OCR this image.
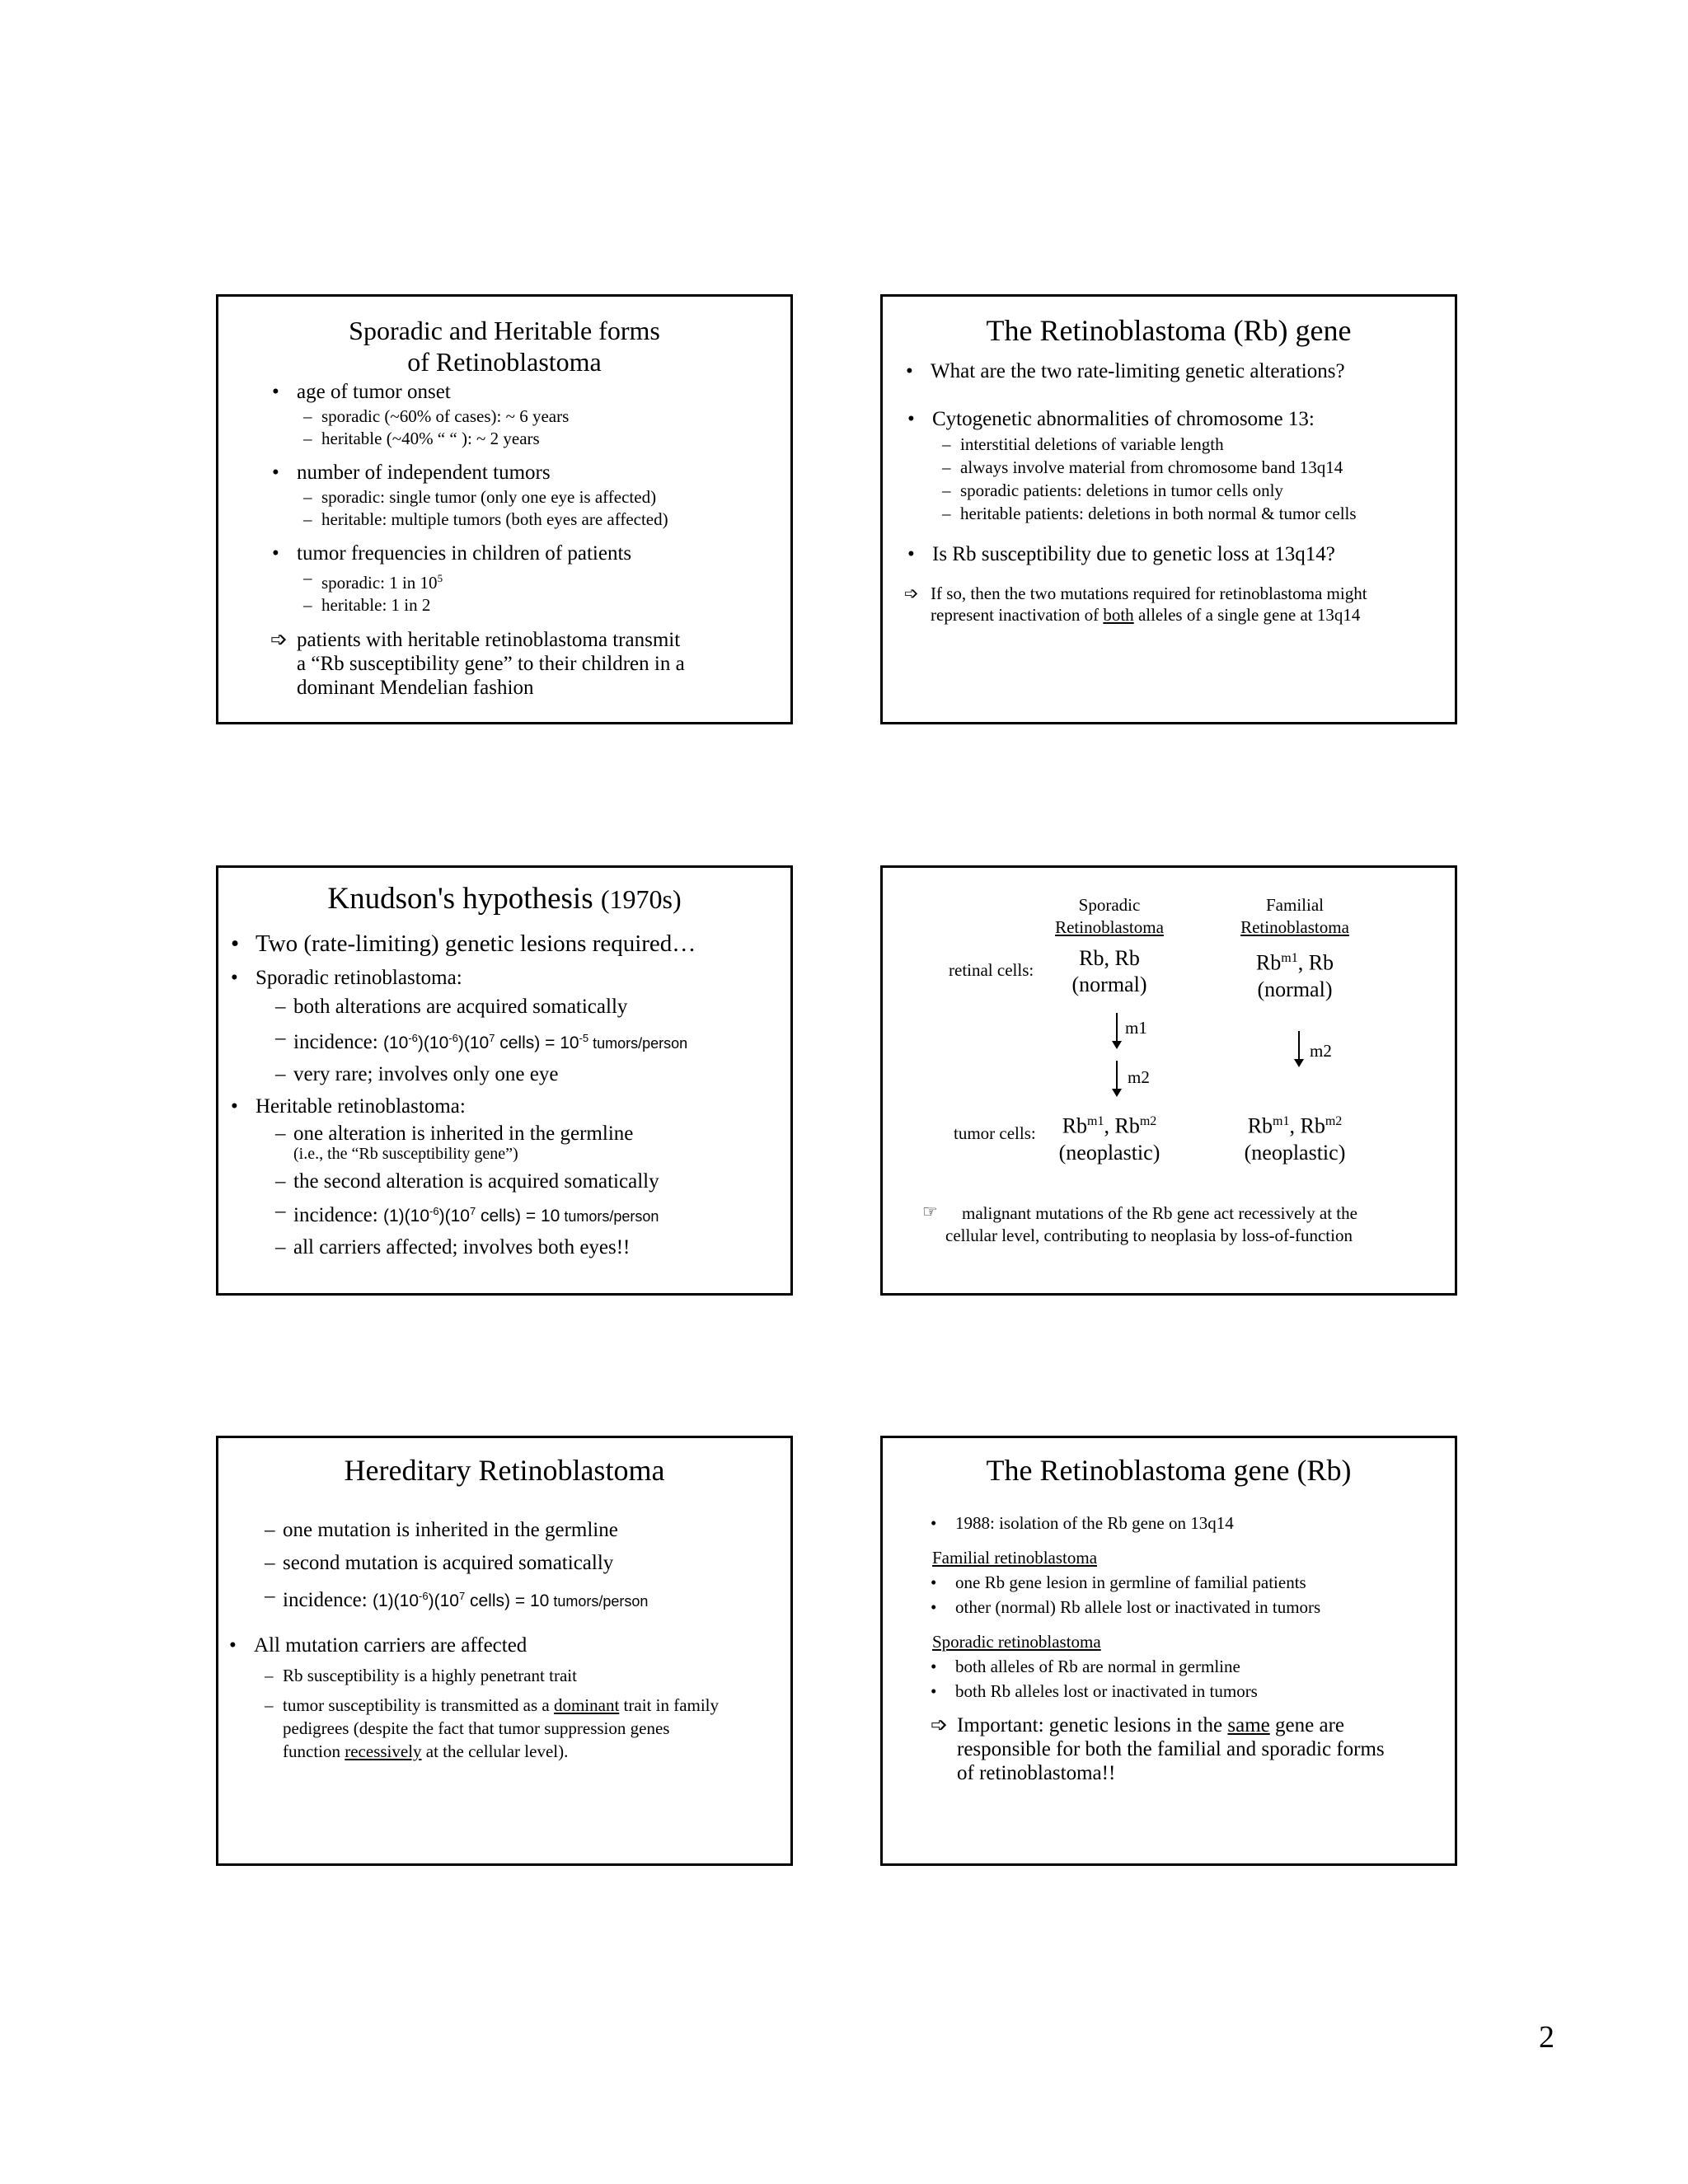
Sporadic and Heritable forms
of Retinoblastoma
• age of tumor onset
– sporadic (~60% of cases): ~ 6 years
– heritable (~40% “ “ ): ~ 2 years
• number of independent tumors
– sporadic: single tumor (only one eye is affected)
– heritable: multiple tumors (both eyes are affected)
• tumor frequencies in children of patients
– sporadic: 1 in $10^5$
– heritable: 1 in 2
➩ patients with heritable retinoblastoma transmit
a “Rb susceptibility gene” to their children in a
dominant Mendelian fashion
The Retinoblastoma (Rb) gene
• What are the two rate-limiting genetic alterations?
• Cytogenetic abnormalities of chromosome 13:
– interstitial deletions of variable length
– always involve material from chromosome band 13q14
– sporadic patients: deletions in tumor cells only
– heritable patients: deletions in both normal & tumor cells
• Is Rb susceptibility due to genetic loss at 13q14?
➩ If so, then the two mutations required for retinoblastoma might
represent inactivation of both alleles of a single gene at 13q14
Knudson's hypothesis (1970s)
• Two (rate-limiting) genetic lesions required…
• Sporadic retinoblastoma:
– both alterations are acquired somatically
– incidence: $(10^{-6})(10^{-6})(10^7$ cells) = $10^{-5}$ tumors/person
– very rare; involves only one eye
• Heritable retinoblastoma:
– one alteration is inherited in the germline
(i.e., the “Rb susceptibility gene”)
– the second alteration is acquired somatically
– incidence: $(1)(10^{-6})(10^7$ cells) = 10 tumors/person
– all carriers affected; involves both eyes!!
Sporadic
Retinoblastoma
Familial
Retinoblastoma
retinal cells:
tumor cells:
Rb, Rb
(normal)
$Rb^{m1}$, Rb
(normal)
m1
m2
m2
$Rb^{m1}$, $Rb^{m2}$
(neoplastic)
$Rb^{m1}$, $Rb^{m2}$
(neoplastic)
☞	malignant mutations of the Rb gene act recessively at the
cellular level, contributing to neoplasia by loss-of-function
Hereditary Retinoblastoma
– one mutation is inherited in the germline
– second mutation is acquired somatically
– incidence: $(1)(10^{-6})(10^7$ cells) = 10 tumors/person
• All mutation carriers are affected
– Rb susceptibility is a highly penetrant trait
– tumor susceptibility is transmitted as a dominant trait in family
pedigrees (despite the fact that tumor suppression genes
function recessively at the cellular level).
The Retinoblastoma gene (Rb)
• 1988: isolation of the Rb gene on 13q14
Familial retinoblastoma
• one Rb gene lesion in germline of familial patients
• other (normal) Rb allele lost or inactivated in tumors
Sporadic retinoblastoma
• both alleles of Rb are normal in germline
• both Rb alleles lost or inactivated in tumors
➩ Important: genetic lesions in the same gene are
responsible for both the familial and sporadic forms
of retinoblastoma!!
2
